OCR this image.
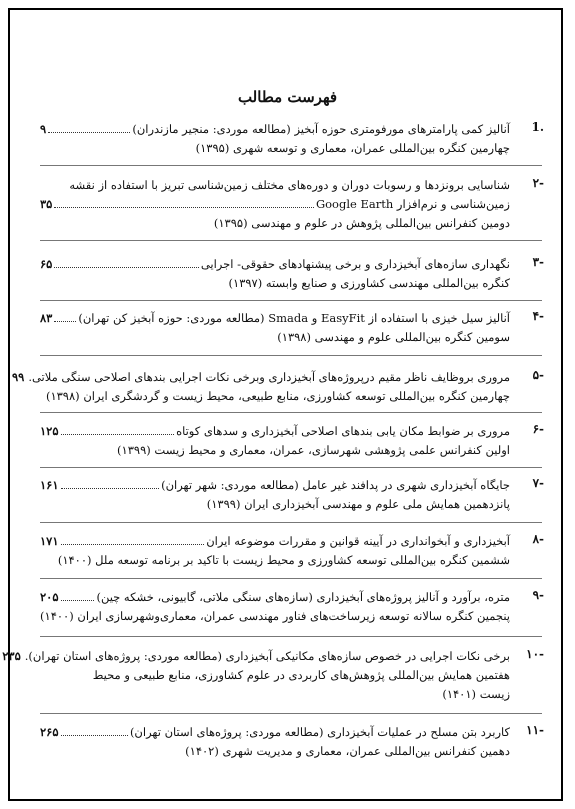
فهرست مطالب
.1
آنالیز کمی پارامترهای مورفومتری حوزه آبخیز (مطالعه موردی: منجیر مازندران)
۹
چهارمین کنگره بین‌المللی عمران، معماری و توسعه شهری (۱۳۹۵)
-۲
شناسایی برونزدها و رسوبات دوران و دوره‌های مختلف زمین‌شناسی تبریز با استفاده از نقشه
زمین‌شناسی و نرم‌افزار Google Earth
۳۵
دومین کنفرانس بین‌المللی پژوهش در علوم و مهندسی (۱۳۹۵)
-۳
نگهداری سازه‌های آبخیزداری و برخی پیشنهادهای حقوقی- اجرایی
۶۵
کنگره بین‌المللی مهندسی کشاورزی و صنایع وابسته (۱۳۹۷)
-۴
آنالیز سیل خیزی با استفاده از EasyFit و Smada (مطالعه موردی: حوزه آبخیز کن تهران)
۸۳
سومین کنگره بین‌المللی علوم و مهندسی (۱۳۹۸)
-۵
مروری بروظایف ناظر مقیم درپروژه‌های آبخیزداری وبرخی نکات اجرایی بندهای اصلاحی سنگی ملاتی.
۹۹
چهارمین کنگره بین‌المللی توسعه کشاورزی، منابع طبیعی، محیط زیست و گردشگری ایران (۱۳۹۸)
-۶
مروری بر ضوابط مکان یابی بندهای اصلاحی آبخیزداری و سدهای کوتاه
۱۲۵
اولین کنفرانس علمی پژوهشی شهرسازی، عمران، معماری و محیط زیست (۱۳۹۹)
-۷
جایگاه آبخیزداری شهری در پدافند غیر عامل (مطالعه موردی: شهر تهران)
۱۶۱
پانزدهمین همایش ملی علوم و مهندسی آبخیزداری ایران (۱۳۹۹)
-۸
آبخیزداری و آبخوانداری در آیینه قوانین و مقررات موضوعه ایران
۱۷۱
ششمین کنگره بین‌المللی توسعه کشاورزی و محیط زیست با تاکید بر برنامه توسعه ملل (۱۴۰۰)
-۹
متره، برآورد و آنالیز پروژه‌های آبخیزداری (سازه‌های سنگی ملاتی، گابیونی، خشکه چین)
۲۰۵
پنجمین کنگره سالانه توسعه زیرساخت‌های فناور مهندسی عمران، معماری‌وشهرسازی ایران (۱۴۰۰)
-۱۰
برخی نکات اجرایی در خصوص سازه‌های مکانیکی آبخیزداری (مطالعه موردی: پروژه‌های استان تهران).
۲۳۵
هفتمین همایش بین‌المللی پژوهش‌های کاربردی در علوم کشاورزی، منابع طبیعی و محیط
زیست (۱۴۰۱)
-۱۱
کاربرد بتن مسلح در عملیات آبخیزداری (مطالعه موردی: پروژه‌های استان تهران)
۲۶۵
دهمین کنفرانس بین‌المللی عمران، معماری و مدیریت شهری (۱۴۰۲)
